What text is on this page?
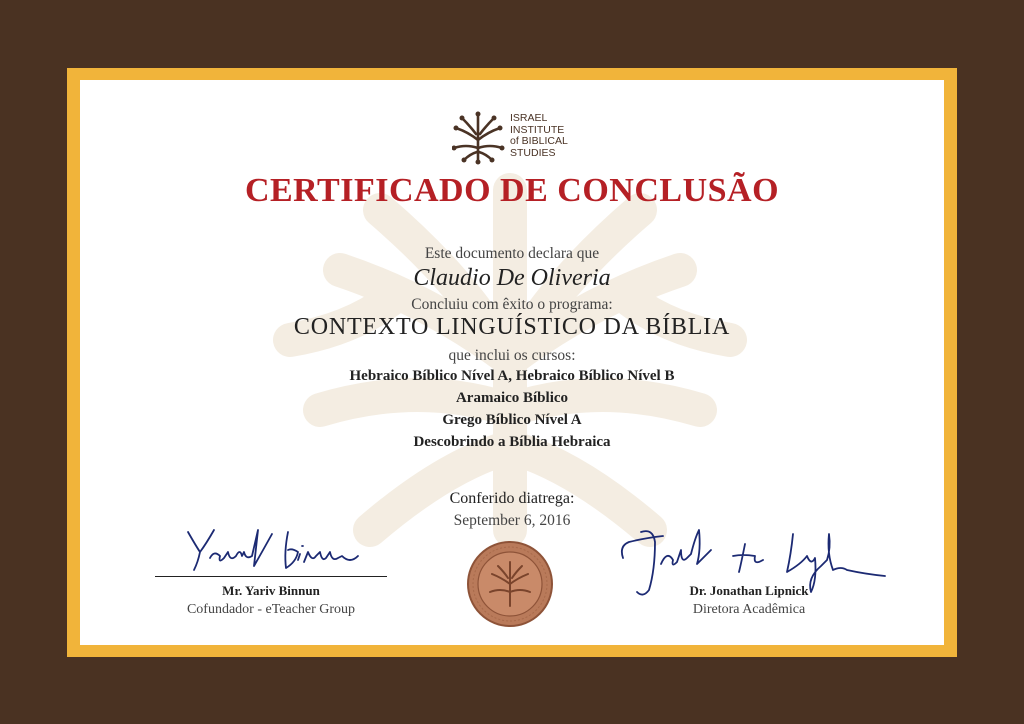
ISRAEL
INSTITUTE
of BIBLICAL
STUDIES
CERTIFICADO DE CONCLUSÃO
Este documento declara que
Claudio De Oliveria
Concluiu com êxito o programa:
CONTEXTO LINGUÍSTICO DA BÍBLIA
que inclui os cursos:
Hebraico Bíblico Nível A, Hebraico Bíblico Nível B
Aramaico Bíblico
Grego Bíblico Nível A
Descobrindo a Bíblia Hebraica
Conferido diatrega:
September 6, 2016
Mr. Yariv Binnun
Cofundador - eTeacher Group
Dr. Jonathan Lipnick
Diretora Acadêmica
